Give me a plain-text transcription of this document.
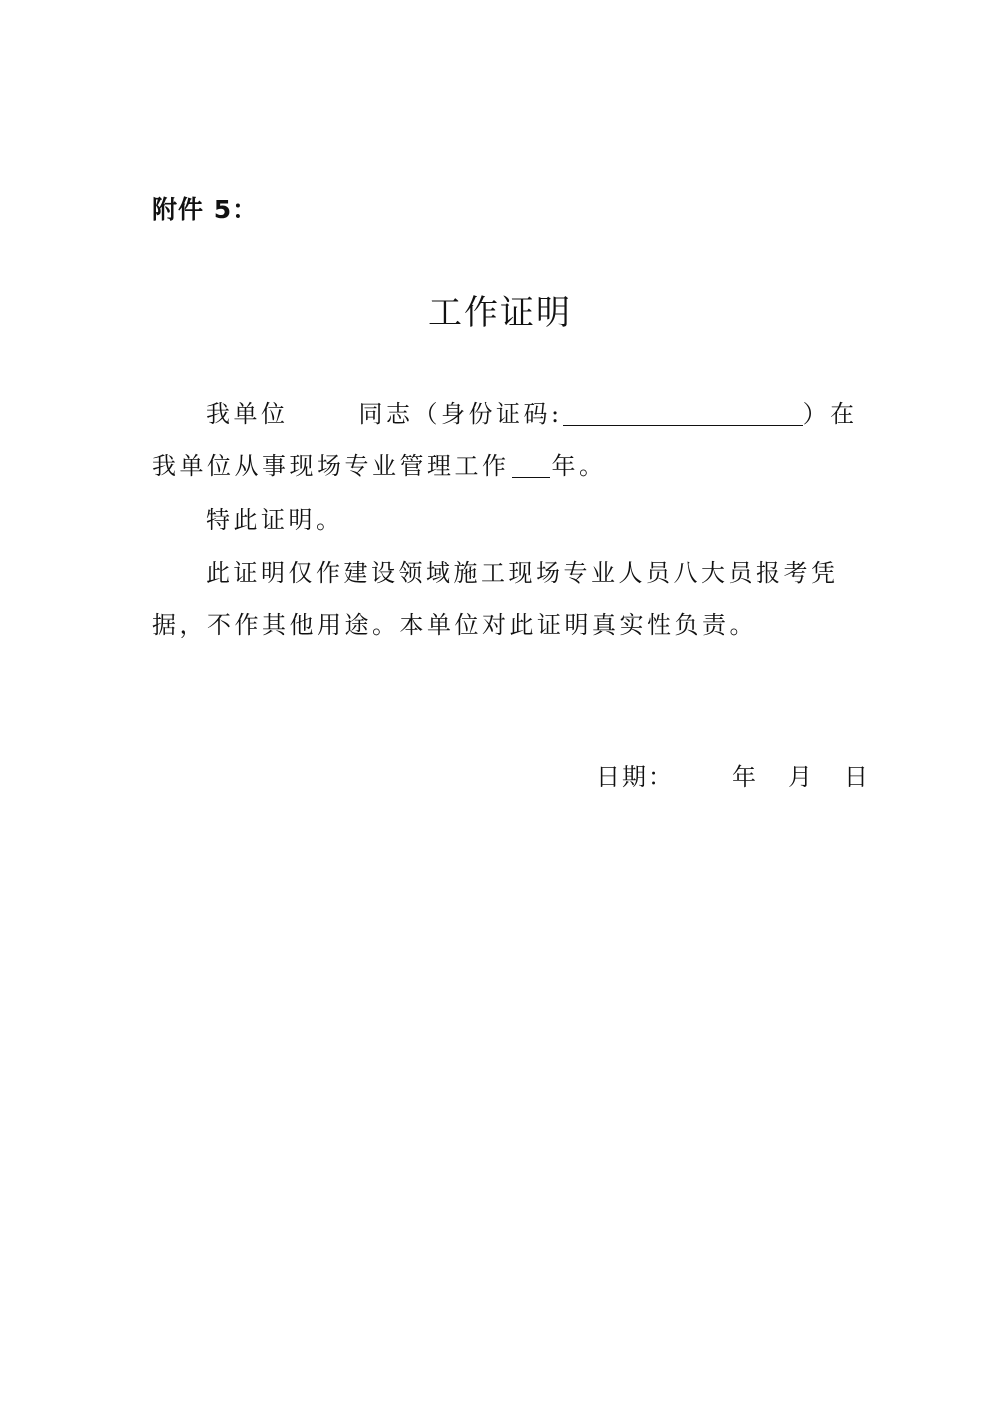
附件 5：
工作证明
我单位	同志（身份证码:	）在
我单位从事现场专业管理工作 年。
特此证明。
此证明仅作建设领域施工现场专业人员八大员报考凭
据，不作其他用途。本单位对此证明真实性负责。
日期： 年 月 日
